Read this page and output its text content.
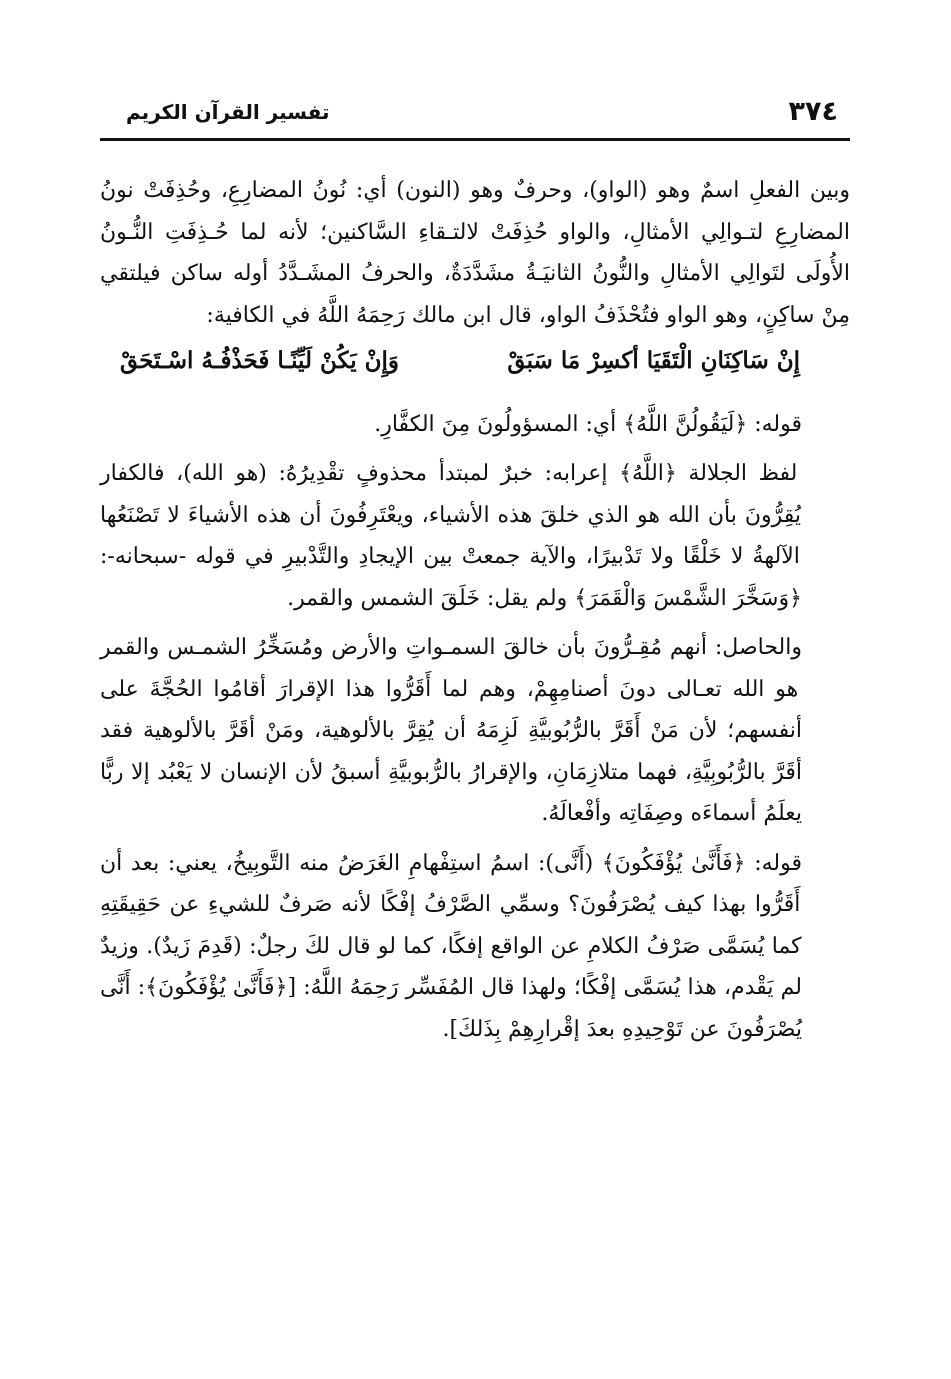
٣٧٤
تفسير القرآن الكريم

وبين الفعلِ اسمٌ وهو (الواو)، وحرفٌ وهو (النون) أي: نُونُ المضارِعِ، وحُذِفَتْ نونُ المضارِعِ لتـوالِي الأمثالِ، والواو حُذِفَتْ لالتـقاءِ السَّاكنين؛ لأنه لما حُـذِفَتِ النُّـونُ الأُولَى لتَوالِي الأمثالِ والنُّونُ الثانيَـةُ مشَدَّدَةٌ، والحرفُ المشَـدَّدُ أوله ساكن فيلتقي مِنْ ساكِنٍ، وهو الواو فتُحْذَفُ الواو، قال ابن مالك رَحِمَهُ اللَّهُ في الكافية:

إِنْ سَاكِنَانِ الْتَقَيَا أكسِرْ مَا سَبَقْ
وَإِنْ يَكُنْ لَيِّنًـا فَحَذْفُـهُ اسْـتَحَقْ

قوله: ﴿لَيَقُولُنَّ اللَّهُ﴾ أي: المسؤولُونَ مِنَ الكفَّارِ.

لفظ الجلالة ﴿اللَّهُ﴾ إعرابه: خبرٌ لمبتدأ محذوفٍ تقْدِيرُهُ: (هو الله)، فالكفار يُقِرُّونَ بأن الله هو الذي خلقَ هذه الأشياء، ويعْتَرِفُونَ أن هذه الأشياءَ لا تَصْنَعُها الآلهةُ لا خَلْقًا ولا تَدْبيرًا، والآية جمعتْ بين الإيجادِ والتَّدْبيرِ في قوله -سبحانه-: ﴿وَسَخَّرَ الشَّمْسَ وَالْقَمَرَ﴾ ولم يقل: خَلَقَ الشمس والقمر.

والحاصل: أنهم مُقِـرُّونَ بأن خالقَ السمـواتِ والأرض ومُسَخِّرُ الشمـس والقمر هو الله تعـالى دونَ أصنامِهِمْ، وهم لما أَقَرُّوا هذا الإقرارَ أقامُوا الحُجَّةَ على أنفسهم؛ لأن مَنْ أَقَرَّ بالرُّبُوبيَّةِ لَزِمَهُ أن يُقِرَّ بالألوهية، ومَنْ أقَرَّ بالألوهية فقد أقَرَّ بالرُّبُوبِيَّةِ، فهما متلازِمَانِ، والإقرارُ بالرُّبوبيَّةِ أسبقُ لأن الإنسان لا يَعْبُد إلا ربًّا يعلَمُ أسماءَه وصِفَاتِه وأفْعالَهُ.

قوله: ﴿فَأَنَّىٰ يُؤْفَكُونَ﴾ (أَنَّى): اسمُ استِفْهامِ الغَرَضُ منه التَّوبِيخُ، يعني: بعد أن أَقَرُّوا بهذا كيف يُصْرَفُونَ؟ وسمِّي الصَّرْفُ إفْكًا لأنه صَرفٌ للشيءِ عن حَقِيقَتِهِ كما يُسَمَّى صَرْفُ الكلامِ عن الواقع إفكًا، كما لو قال لكَ رجلٌ: (قَدِمَ زَيدٌ). وزيدٌ لم يَقْدم، هذا يُسَمَّى إفْكًا؛ ولهذا قال المُفَسِّر رَحِمَهُ اللَّهُ: [﴿فَأَنَّىٰ يُؤْفَكُونَ﴾: أَنَّى يُصْرَفُونَ عن تَوْحِيدِهِ بعدَ إقْرارِهِمْ بِذَلكَ].
